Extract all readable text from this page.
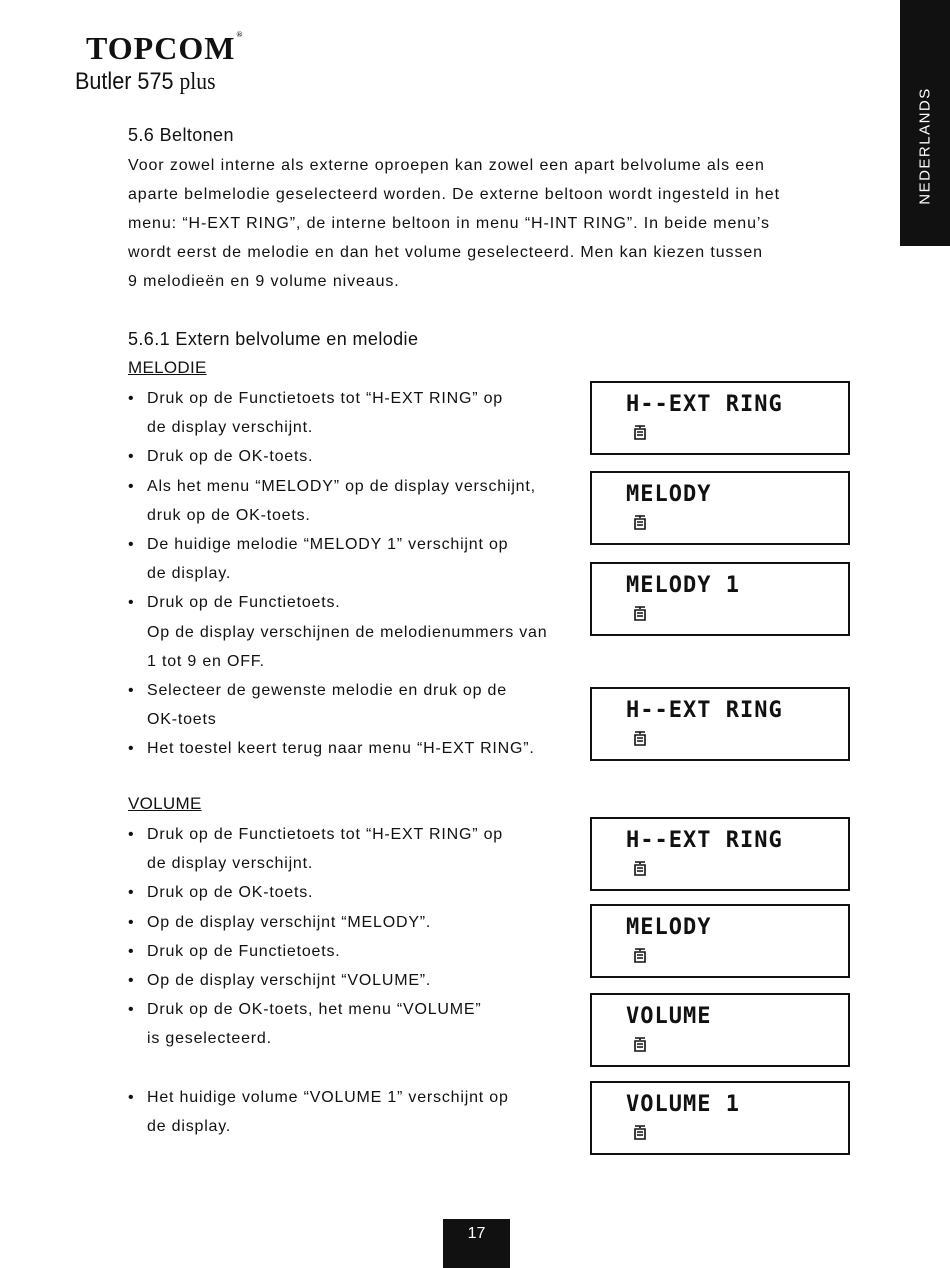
TOPCOM®
Butler 575 plus
NEDERLANDS
5.6 Beltonen
Voor zowel interne als externe oproepen kan zowel een apart belvolume als een
aparte belmelodie geselecteerd worden. De externe beltoon wordt ingesteld in het
menu: “H-EXT RING”, de interne beltoon in menu “H-INT RING”. In beide menu’s
wordt eerst de melodie en dan het volume geselecteerd. Men kan kiezen tussen
9 melodieën en 9 volume niveaus.
5.6.1 Extern belvolume en melodie
MELODIE
• Druk op de Functietoets tot “H-EXT RING” op
de display verschijnt.
• Druk op de OK-toets.
• Als het menu “MELODY” op de display verschijnt,
druk op de OK-toets.
• De huidige melodie “MELODY 1” verschijnt op
de display.
• Druk op de Functietoets.
Op de display verschijnen de melodienummers van
1 tot 9 en OFF.
• Selecteer de gewenste melodie en druk op de
OK-toets
• Het toestel keert terug naar menu “H-EXT RING”.
VOLUME
• Druk op de Functietoets tot “H-EXT RING” op
de display verschijnt.
• Druk op de OK-toets.
• Op de display verschijnt “MELODY”.
• Druk op de Functietoets.
• Op de display verschijnt “VOLUME”.
• Druk op de OK-toets, het menu “VOLUME”
is geselecteerd.
• Het huidige volume “VOLUME 1” verschijnt op
de display.
H--EXT RING
MELODY
MELODY 1
H--EXT RING
H--EXT RING
MELODY
VOLUME
VOLUME 1
17
